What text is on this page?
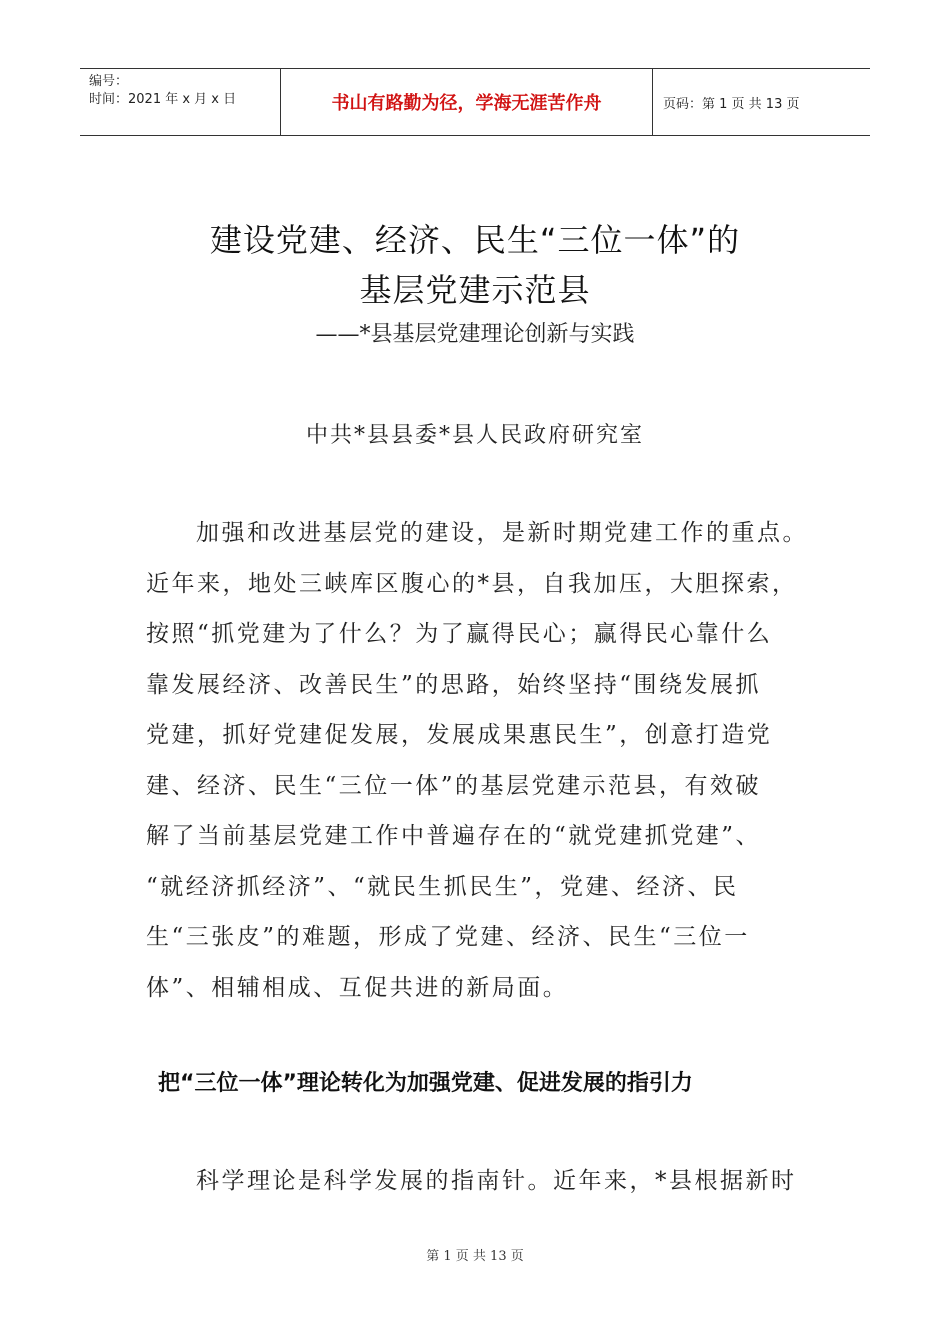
编号：
时间：2021 年 x 月 x 日	书山有路勤为径，学海无涯苦作舟	页码：第 1 页 共 13 页
建设党建、经济、民生“三位一体”的
基层党建示范县
——*县基层党建理论创新与实践
中共*县县委*县人民政府研究室
加强和改进基层党的建设，是新时期党建工作的重点。
近年来，地处三峡库区腹心的*县，自我加压，大胆探索，
按照“抓党建为了什么？为了赢得民心；赢得民心靠什么
靠发展经济、改善民生”的思路，始终坚持“围绕发展抓
党建，抓好党建促发展，发展成果惠民生”，创意打造党
建、经济、民生“三位一体”的基层党建示范县，有效破
解了当前基层党建工作中普遍存在的“就党建抓党建”、
“就经济抓经济”、“就民生抓民生”，党建、经济、民
生“三张皮”的难题，形成了党建、经济、民生“三位一
体”、相辅相成、互促共进的新局面。
把“三位一体”理论转化为加强党建、促进发展的指引力
科学理论是科学发展的指南针。近年来，*县根据新时
第 1 页 共 13 页
